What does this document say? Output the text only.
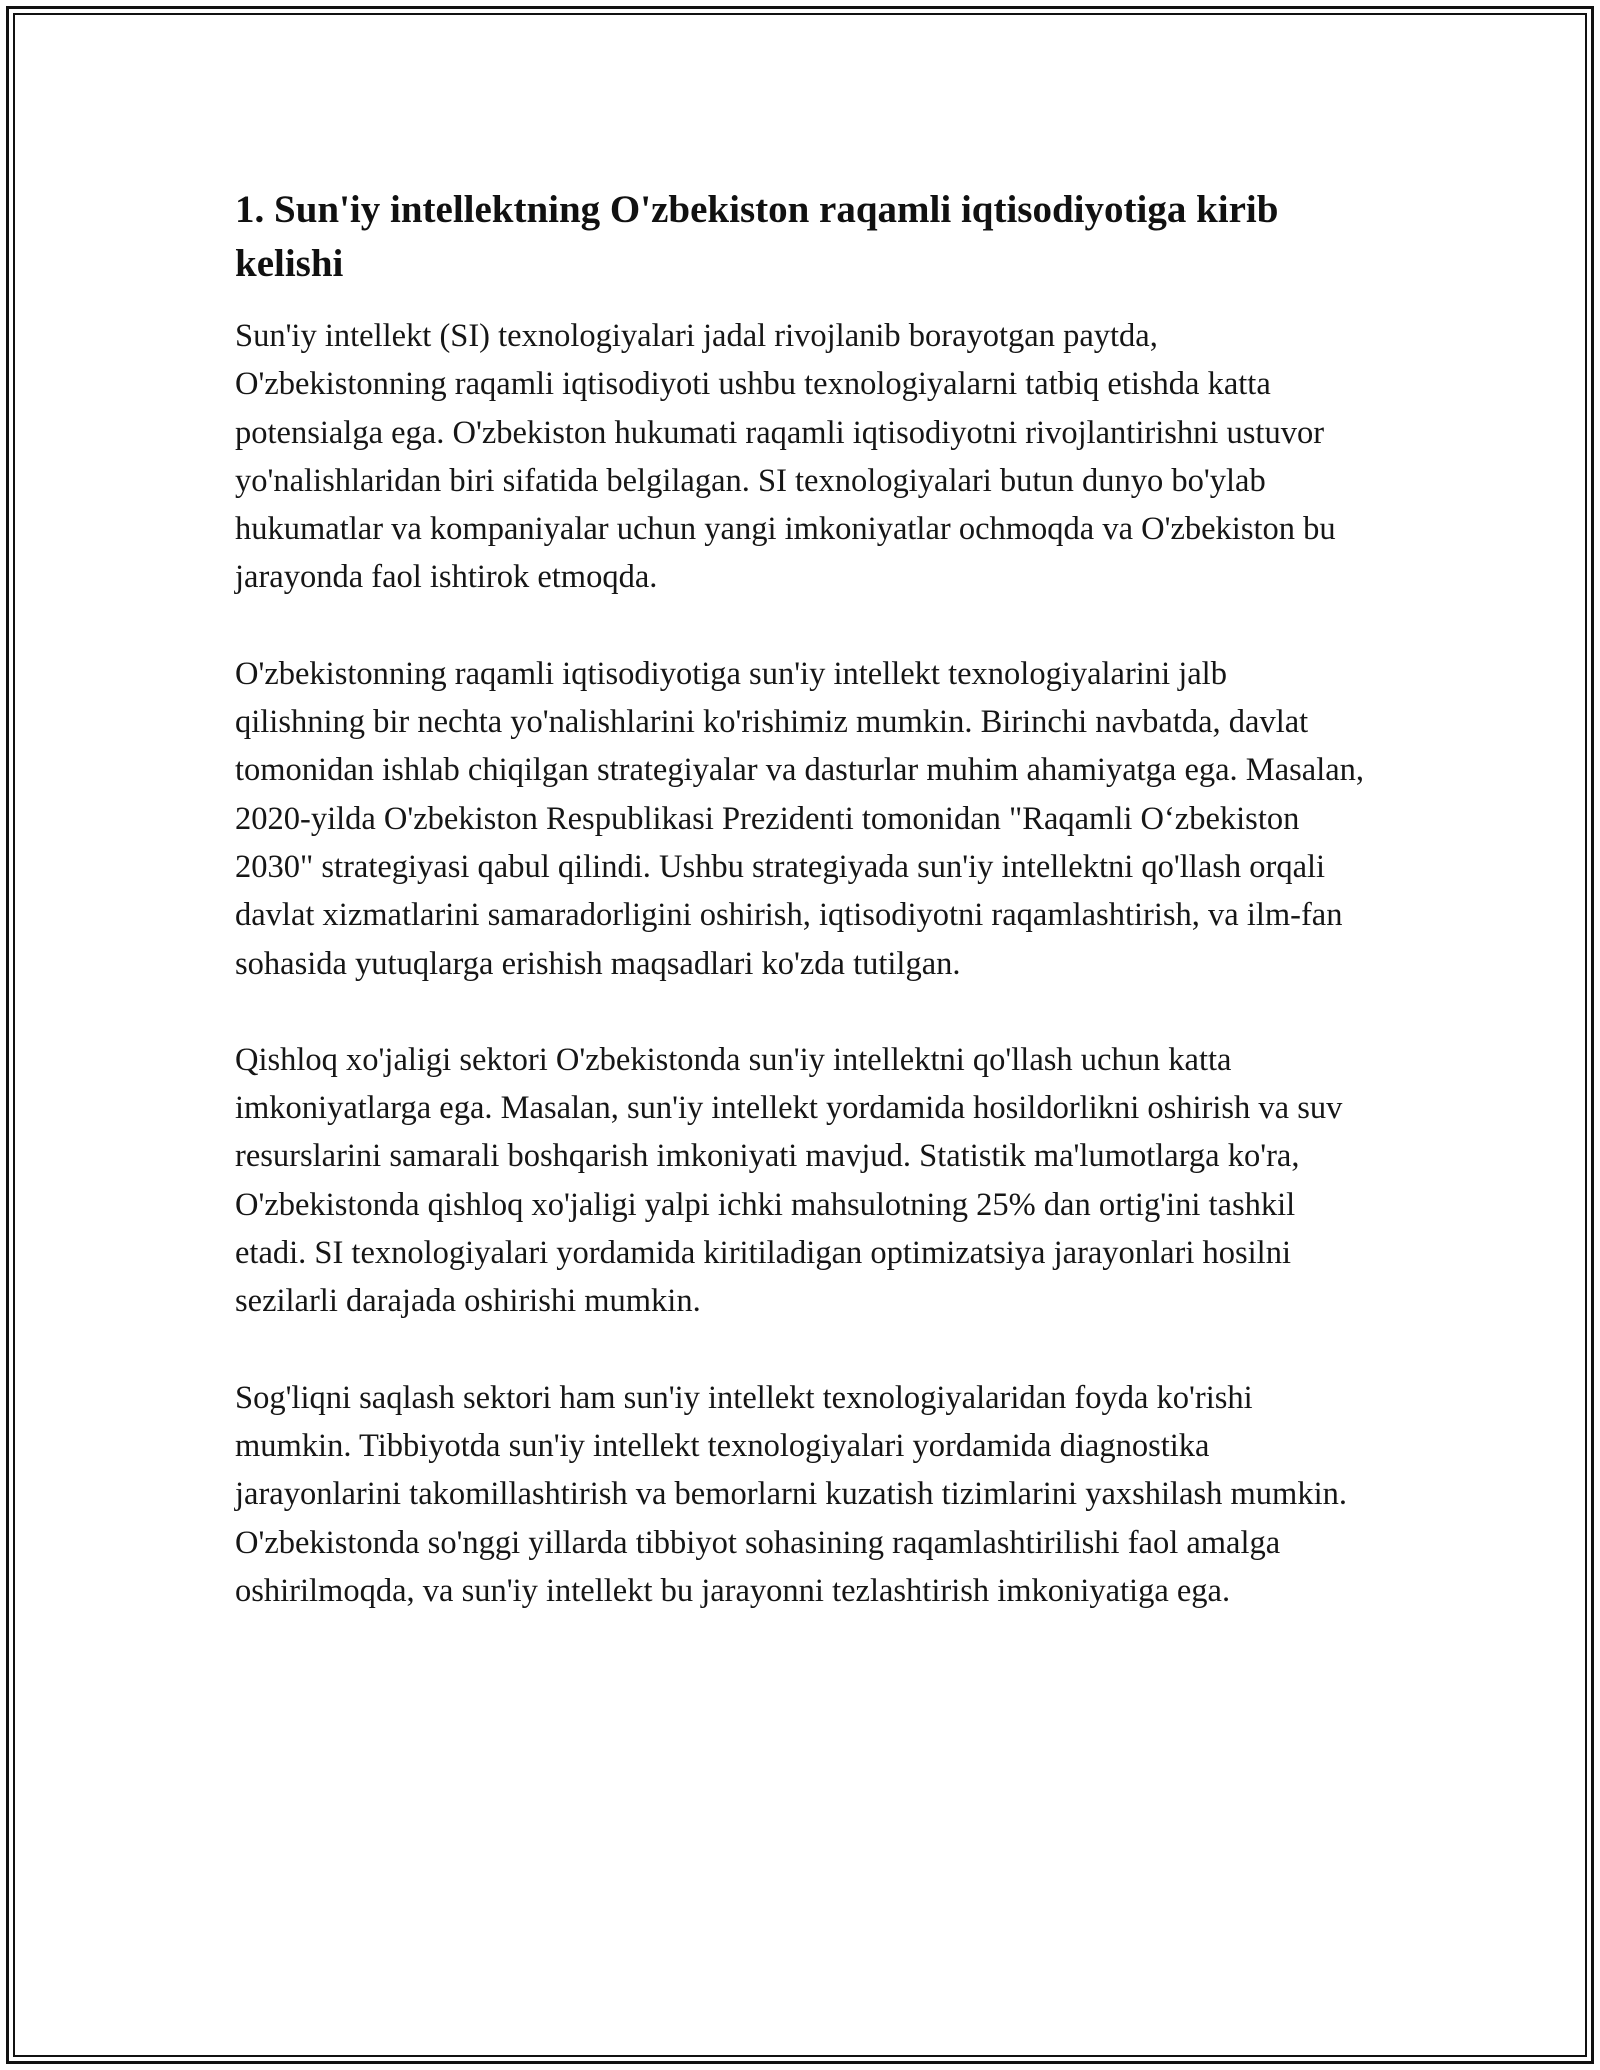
1. Sun'iy intellektning O'zbekiston raqamli iqtisodiyotiga kirib kelishi

Sun'iy intellekt (SI) texnologiyalari jadal rivojlanib borayotgan paytda, O'zbekistonning raqamli iqtisodiyoti ushbu texnologiyalarni tatbiq etishda katta potensialga ega. O'zbekiston hukumati raqamli iqtisodiyotni rivojlantirishni ustuvor yo'nalishlaridan biri sifatida belgilagan. SI texnologiyalari butun dunyo bo'ylab hukumatlar va kompaniyalar uchun yangi imkoniyatlar ochmoqda va O'zbekiston bu jarayonda faol ishtirok etmoqda.

O'zbekistonning raqamli iqtisodiyotiga sun'iy intellekt texnologiyalarini jalb qilishning bir nechta yo'nalishlarini ko'rishimiz mumkin. Birinchi navbatda, davlat tomonidan ishlab chiqilgan strategiyalar va dasturlar muhim ahamiyatga ega. Masalan, 2020-yilda O'zbekiston Respublikasi Prezidenti tomonidan "Raqamli O‘zbekiston 2030" strategiyasi qabul qilindi. Ushbu strategiyada sun'iy intellektni qo'llash orqali davlat xizmatlarini samaradorligini oshirish, iqtisodiyotni raqamlashtirish, va ilm-fan sohasida yutuqlarga erishish maqsadlari ko'zda tutilgan.

Qishloq xo'jaligi sektori O'zbekistonda sun'iy intellektni qo'llash uchun katta imkoniyatlarga ega. Masalan, sun'iy intellekt yordamida hosildorlikni oshirish va suv resurslarini samarali boshqarish imkoniyati mavjud. Statistik ma'lumotlarga ko'ra, O'zbekistonda qishloq xo'jaligi yalpi ichki mahsulotning 25% dan ortig'ini tashkil etadi. SI texnologiyalari yordamida kiritiladigan optimizatsiya jarayonlari hosilni sezilarli darajada oshirishi mumkin.

Sog'liqni saqlash sektori ham sun'iy intellekt texnologiyalaridan foyda ko'rishi mumkin. Tibbiyotda sun'iy intellekt texnologiyalari yordamida diagnostika jarayonlarini takomillashtirish va bemorlarni kuzatish tizimlarini yaxshilash mumkin. O'zbekistonda so'nggi yillarda tibbiyot sohasining raqamlashtirilishi faol amalga oshirilmoqda, va sun'iy intellekt bu jarayonni tezlashtirish imkoniyatiga ega.
